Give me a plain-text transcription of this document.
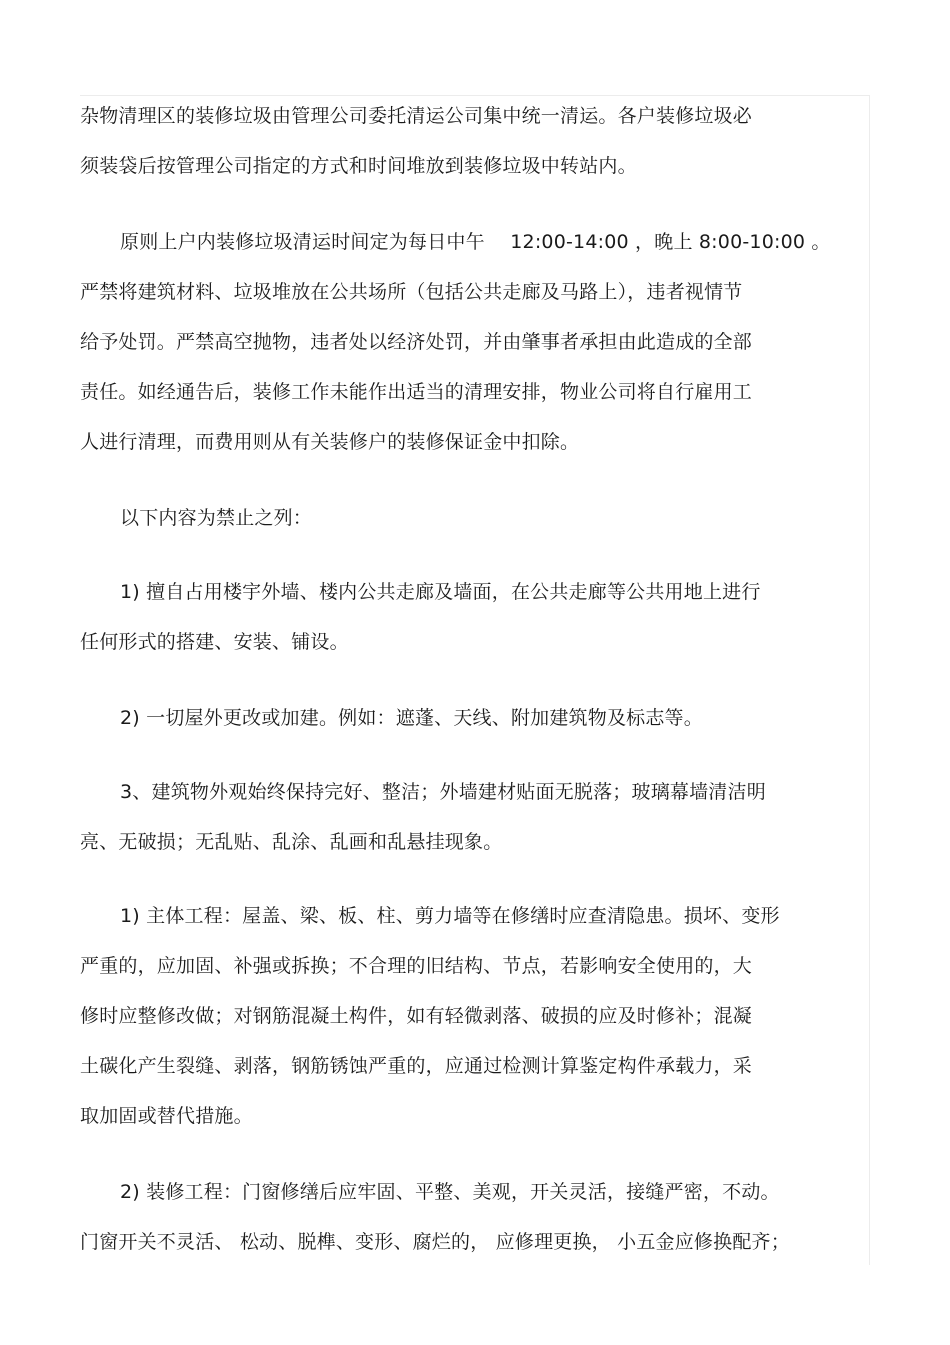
杂物清理区的装修垃圾由管理公司委托清运公司集中统一清运。各户装修垃圾必
须装袋后按管理公司指定的方式和时间堆放到装修垃圾中转站内。
原则上户内装修垃圾清运时间定为每日中午　 12:00-14:00 ，晚上 8:00-10:00 。
严禁将建筑材料、垃圾堆放在公共场所（包括公共走廊及马路上），违者视情节
给予处罚。严禁高空抛物，违者处以经济处罚，并由肇事者承担由此造成的全部
责任。如经通告后，装修工作未能作出适当的清理安排，物业公司将自行雇用工
人进行清理，而费用则从有关装修户的装修保证金中扣除。
以下内容为禁止之列：
1) 擅自占用楼宇外墙、楼内公共走廊及墙面，在公共走廊等公共用地上进行
任何形式的搭建、安装、铺设。
2) 一切屋外更改或加建。例如：遮蓬、天线、附加建筑物及标志等。
3、建筑物外观始终保持完好、整洁；外墙建材贴面无脱落；玻璃幕墙清洁明
亮、无破损；无乱贴、乱涂、乱画和乱悬挂现象。
1) 主体工程：屋盖、梁、板、柱、剪力墙等在修缮时应查清隐患。损坏、变形
严重的，应加固、补强或拆换；不合理的旧结构、节点，若影响安全使用的，大
修时应整修改做；对钢筋混凝土构件，如有轻微剥落、破损的应及时修补；混凝
土碳化产生裂缝、剥落，钢筋锈蚀严重的，应通过检测计算鉴定构件承载力，采
取加固或替代措施。
2) 装修工程：门窗修缮后应牢固、平整、美观，开关灵活，接缝严密，不动。
门窗开关不灵活、 松动、脱榫、变形、腐烂的， 应修理更换， 小五金应修换配齐；
